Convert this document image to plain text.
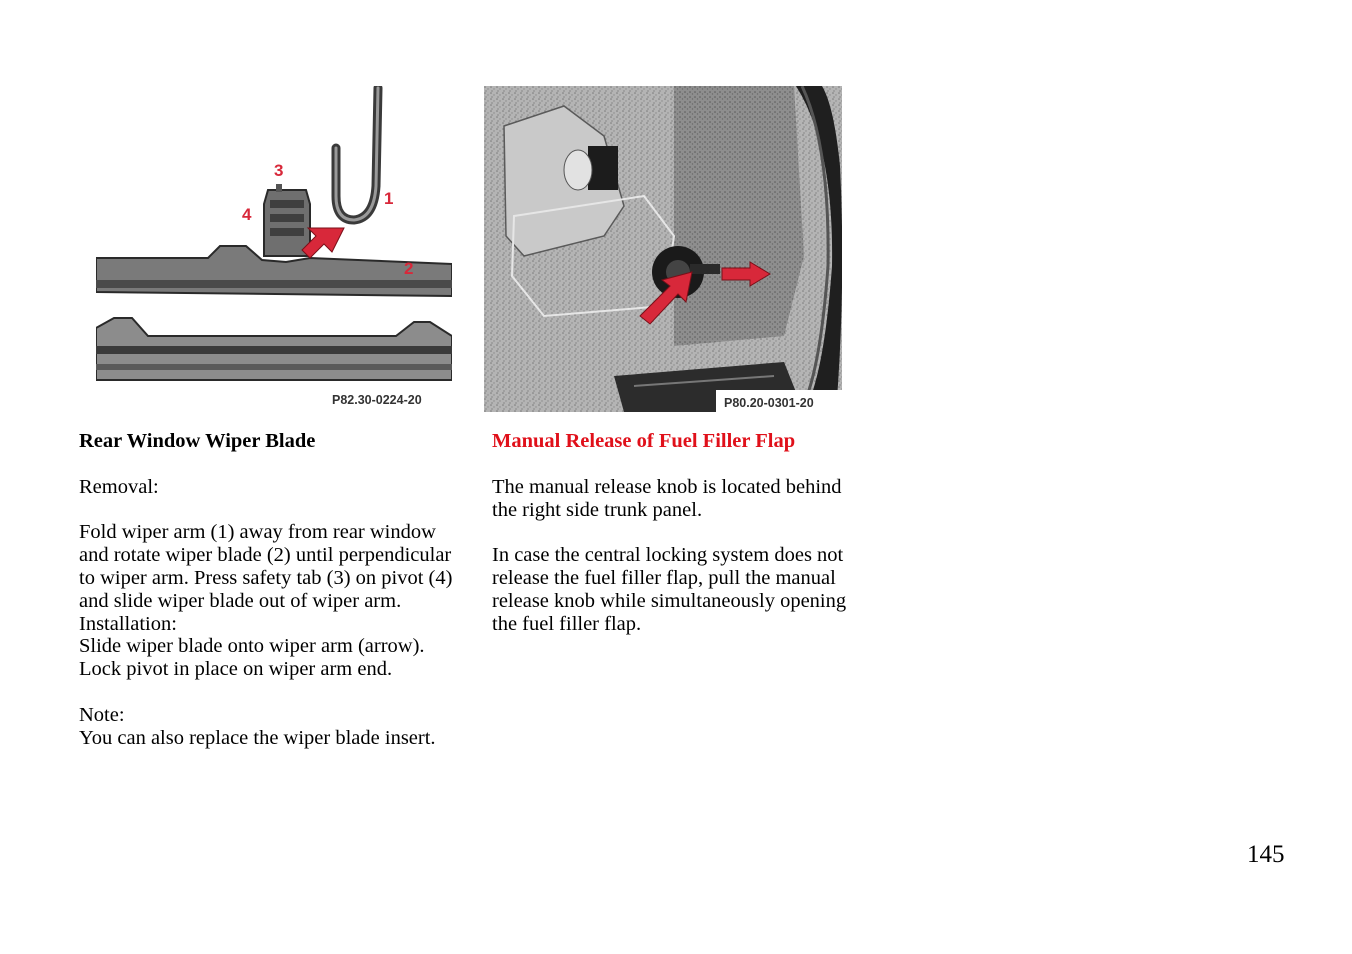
1
2
3
4
P82.30-0224-20	P80.20-0301-20
Rear Window Wiper Blade

Removal:

Fold wiper arm (1) away from rear window and rotate wiper blade (2) until perpendicular to wiper arm. Press safety tab (3) on pivot (4) and slide wiper blade out of wiper arm.

Installation:

Slide wiper blade onto wiper arm (arrow). Lock pivot in place on wiper arm end.

Note:

You can also replace the wiper blade insert.

Manual Release of Fuel Filler Flap

The manual release knob is located behind the right side trunk panel.

In case the central locking system does not release the fuel filler flap, pull the manual release knob while simultaneously opening the fuel filler flap.

145
